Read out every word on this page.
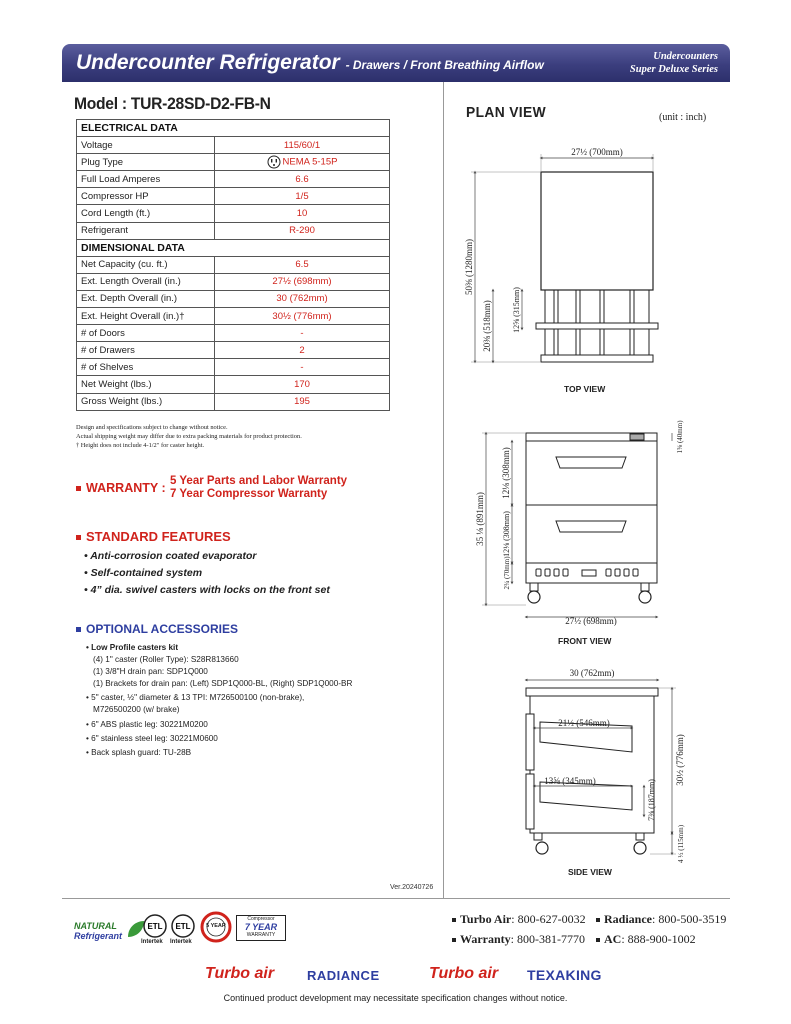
Undercounter Refrigerator - Drawers / Front Breathing Airflow
Undercounters
Super Deluxe Series
Model : TUR-28SD-D2-FB-N
ELECTRICAL DATA	
Voltage	115/60/1
Plug Type	NEMA 5-15P
Full Load Amperes	6.6
Compressor HP	1/5
Cord Length (ft.)	10
Refrigerant	R-290
DIMENSIONAL DATA	
Net Capacity (cu. ft.)	6.5
Ext. Length Overall (in.)	27½ (698mm)
Ext. Depth Overall (in.)	30 (762mm)
Ext. Height Overall (in.)†	30½ (776mm)
# of Doors	-
# of Drawers	2
# of Shelves	-
Net Weight (lbs.)	170
Gross Weight (lbs.)	195
Design and specifications subject to change without notice.
Actual shipping weight may differ due to extra packing materials for product protection.
† Height does not include 4-1/2" for caster height.
WARRANTY : 5 Year Parts and Labor Warranty
7 Year Compressor Warranty
STANDARD FEATURES
• Anti-corrosion coated evaporator
• Self-contained system
• 4” dia. swivel casters with locks on the front set
OPTIONAL ACCESSORIES
• Low Profile casters kit
(4) 1" caster (Roller Type): S28R813660
(1) 3/8"H drain pan: SDP1Q000
(1) Brackets for drain pan: (Left) SDP1Q000-BL, (Right) SDP1Q000-BR
• 5" caster, ½" diameter & 13 TPI: M726500100 (non-brake),
M726500200 (w/ brake)
• 6" ABS plastic leg: 30221M0200
• 6" stainless steel leg: 30221M0600
• Back splash guard: TU-28B
Ver.20240726
PLAN VIEW	(unit : inch)
27½ (700mm)
50⅜ (1280mm)
20⅜ (518mm)	12⅝ (315mm)
27½ (698mm)
35 ⅛ (891mm)
12⅛ (308mm)
12⅛ (308mm)
2¾ (70mm)
1⅝ (40mm)
30 (762mm)
21½ (546mm)
13⅝ (345mm)	7⅜ (187mm)
30½ (776mm)
4 ½ (115mm)
TOP VIEW
FRONT VIEW
SIDE VIEW
NATURAL
Refrigerant
ETL
Intertek
ETL
Intertek
5 YEAR
Compressor
7 YEAR
WARRANTY
Turbo Air: 800-627-0032	Radiance: 800-500-3519
Warranty: 800-381-7770	AC: 888-900-1002
Turbo air	RADIANCE	Turbo air TEXAKING
Continued product development may necessitate specification changes without notice.
